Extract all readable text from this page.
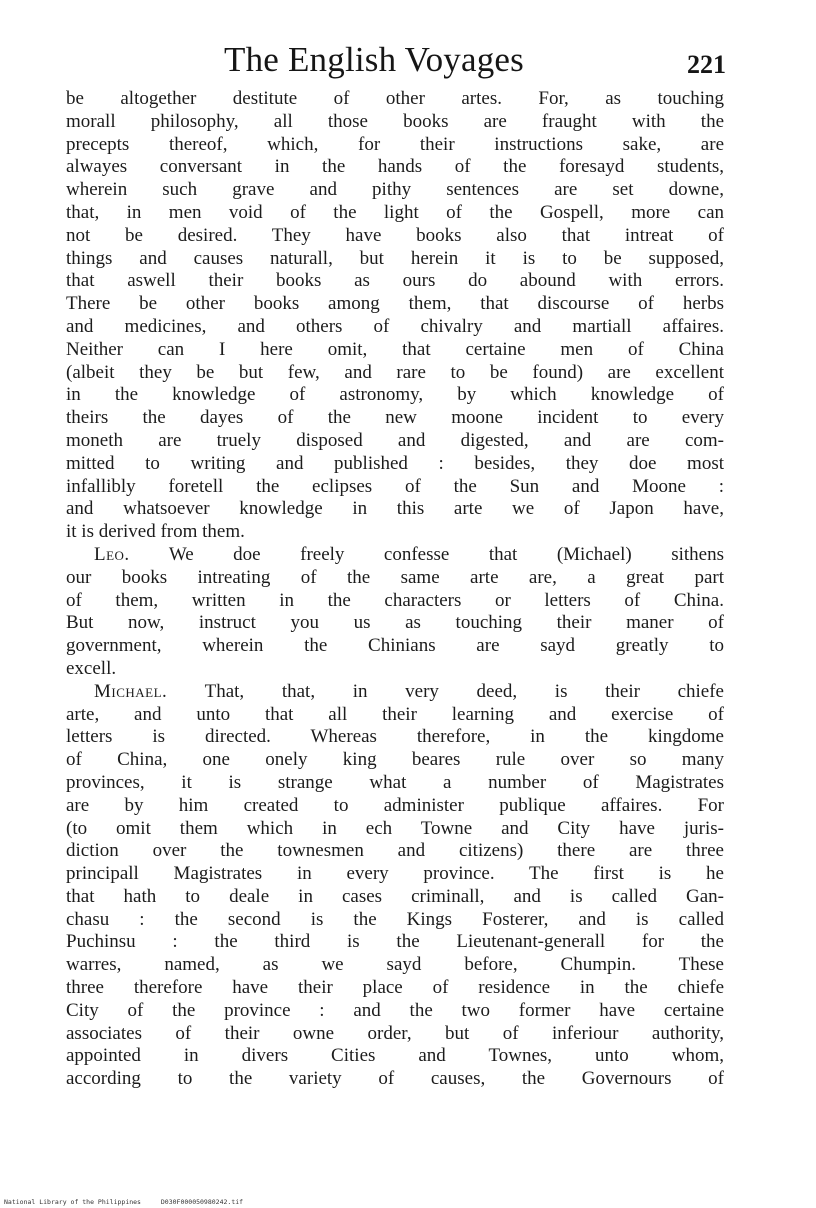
The English Voyages	221
be altogether destitute of other artes. For, as touching
morall philosophy, all those books are fraught with the
precepts thereof, which, for their instructions sake, are
alwayes conversant in the hands of the foresayd students,
wherein such grave and pithy sentences are set downe,
that, in men void of the light of the Gospell, more can
not be desired. They have books also that intreat of
things and causes naturall, but herein it is to be supposed,
that aswell their books as ours do abound with errors.
There be other books among them, that discourse of herbs
and medicines, and others of chivalry and martiall affaires.
Neither can I here omit, that certaine men of China
(albeit they be but few, and rare to be found) are excellent
in the knowledge of astronomy, by which knowledge of
theirs the dayes of the new moone incident to every
moneth are truely disposed and digested, and are com-
mitted to writing and published : besides, they doe most
infallibly foretell the eclipses of the Sun and Moone :
and whatsoever knowledge in this arte we of Japon have,
it is derived from them.
Leo. We doe freely confesse that (Michael) sithens
our books intreating of the same arte are, a great part
of them, written in the characters or letters of China.
But now, instruct you us as touching their maner of
government, wherein the Chinians are sayd greatly to
excell.
Michael. That, that, in very deed, is their chiefe
arte, and unto that all their learning and exercise of
letters is directed. Whereas therefore, in the kingdome
of China, one onely king beares rule over so many
provinces, it is strange what a number of Magistrates
are by him created to administer publique affaires. For
(to omit them which in ech Towne and City have juris-
diction over the townesmen and citizens) there are three
principall Magistrates in every province. The first is he
that hath to deale in cases criminall, and is called Gan-
chasu : the second is the Kings Fosterer, and is called
Puchinsu : the third is the Lieutenant-generall for the
warres, named, as we sayd before, Chumpin. These
three therefore have their place of residence in the chiefe
City of the province : and the two former have certaine
associates of their owne order, but of inferiour authority,
appointed in divers Cities and Townes, unto whom,
according to the variety of causes, the Governours of
National Library of the Philippines	D030F000050980242.tif
